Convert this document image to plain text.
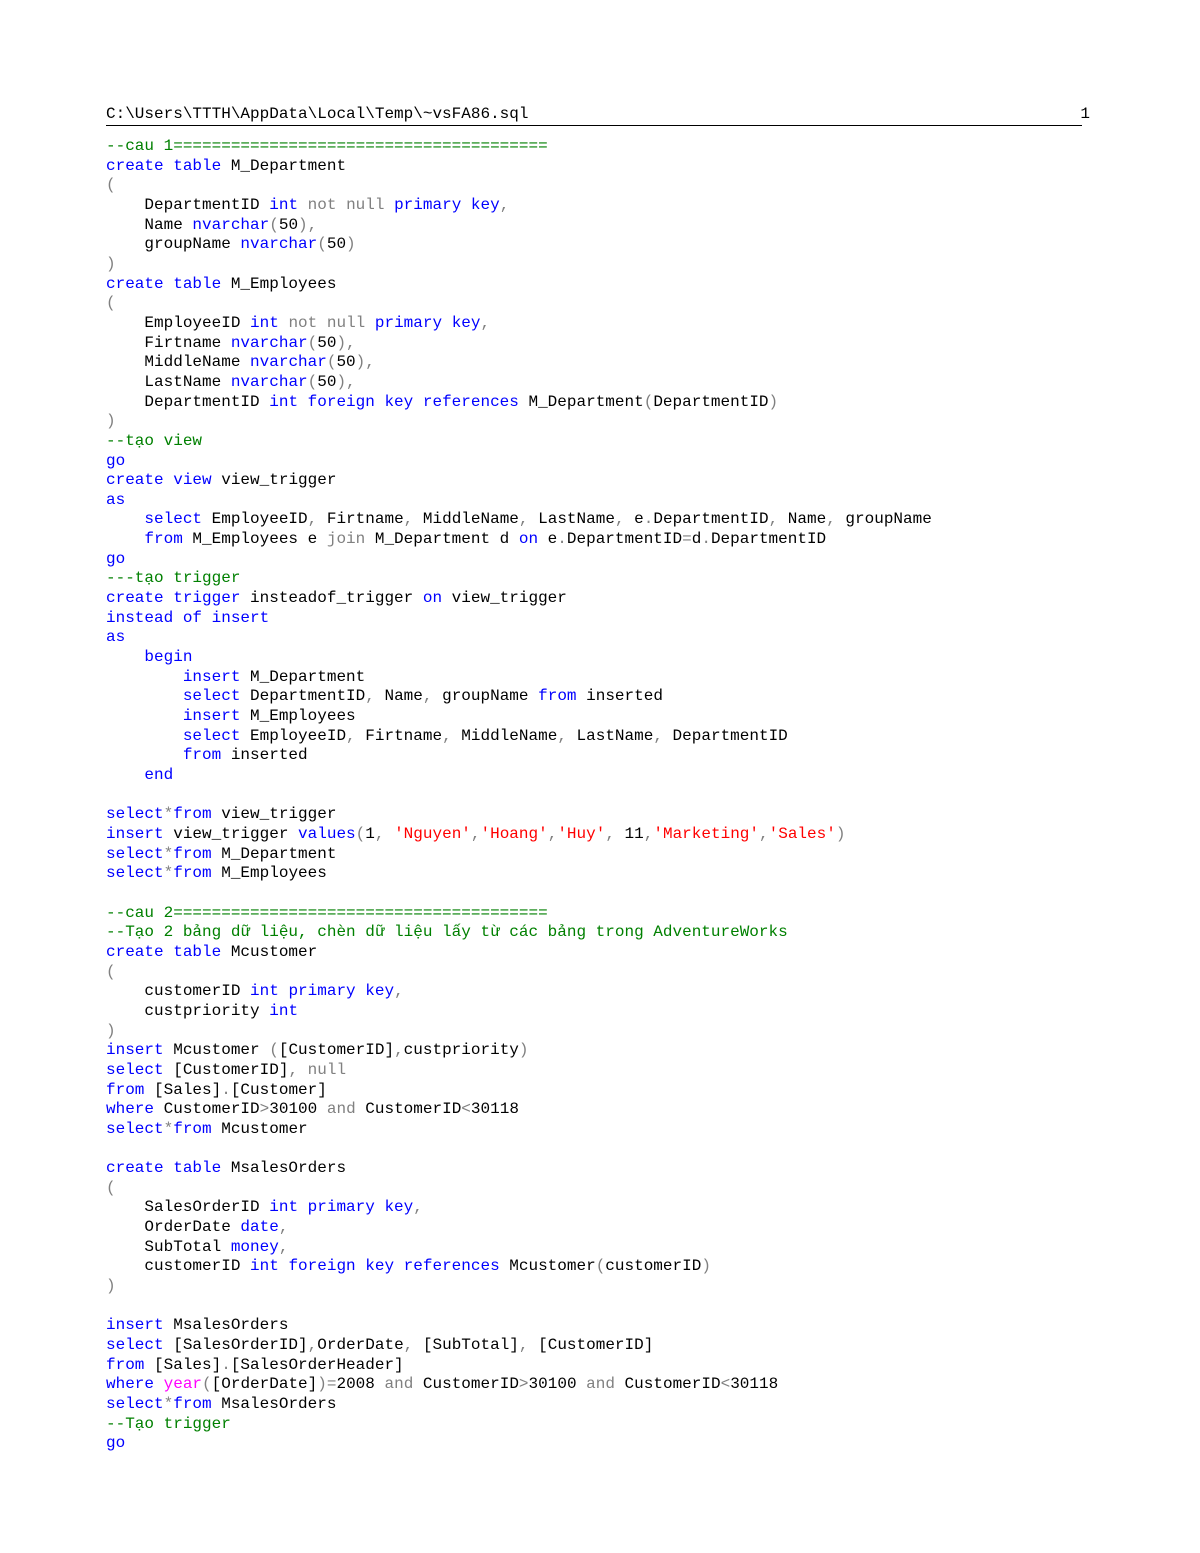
C:\Users\TTTH\AppData\Local\Temp\~vsFA86.sql	1
--cau 1=======================================
create table M_Department
(
DepartmentID int not null primary key,
Name nvarchar(50),
groupName nvarchar(50)
)
create table M_Employees
(
EmployeeID int not null primary key,
Firtname nvarchar(50),
MiddleName nvarchar(50),
LastName nvarchar(50),
DepartmentID int foreign key references M_Department(DepartmentID)
)
--tạo view
go
create view view_trigger
as
select EmployeeID, Firtname, MiddleName, LastName, e.DepartmentID, Name, groupName
from M_Employees e join M_Department d on e.DepartmentID=d.DepartmentID
go
---tạo trigger
create trigger insteadof_trigger on view_trigger
instead of insert
as
begin
insert M_Department
select DepartmentID, Name, groupName from inserted
insert M_Employees
select EmployeeID, Firtname, MiddleName, LastName, DepartmentID
from inserted
end
select*from view_trigger
insert view_trigger values(1, 'Nguyen','Hoang','Huy', 11,'Marketing','Sales')
select*from M_Department
select*from M_Employees
--cau 2=======================================
--Tạo 2 bảng dữ liệu, chèn dữ liệu lấy từ các bảng trong AdventureWorks
create table Mcustomer
(
customerID int primary key,
custpriority int
)
insert Mcustomer ([CustomerID],custpriority)
select [CustomerID], null
from [Sales].[Customer]
where CustomerID>30100 and CustomerID<30118
select*from Mcustomer
create table MsalesOrders
(
SalesOrderID int primary key,
OrderDate date,
SubTotal money,
customerID int foreign key references Mcustomer(customerID)
)
insert MsalesOrders
select [SalesOrderID],OrderDate, [SubTotal], [CustomerID]
from [Sales].[SalesOrderHeader]
where year([OrderDate])=2008 and CustomerID>30100 and CustomerID<30118
select*from MsalesOrders
--Tạo trigger
go
